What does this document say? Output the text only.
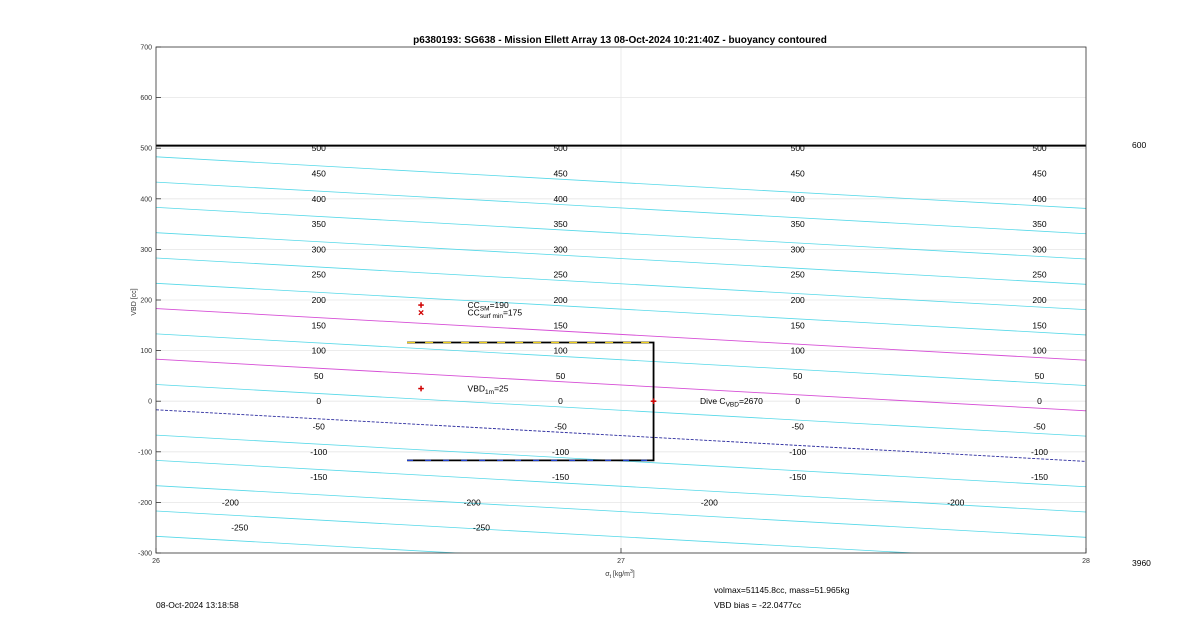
500
450
400
350
300
250
200
150
100
50
0
-50
-100
-150
-200
-250
500
450
400
350
300
250
200
150
100
50
0
-50
-100
-150
-200
-250
500
450
400
350
300
250
200
150
100
50
0
-50
-100
-150
-200	-200
500
450
400
350
300
250
200
150
100
50
0
-50
-100
-150
$CC_{SM}=190$
$CC_{surf min}=175$
$VBD_{1m}=25$
Dive $C_{VBD}=2670$
-300
-200
-100
0
100
200
300
400
500
600
700
26	27	28
p6380193: SG638 - Mission Ellett Array 13 08-Oct-2024 10:21:40Z - buoyancy contoured
$\sigma_t$ $[kg/m^3]$
VBD [cc]
600
3960
08-Oct-2024 13:18:58
volmax=51145.8cc, mass=51.965kg
VBD bias = -22.0477cc
